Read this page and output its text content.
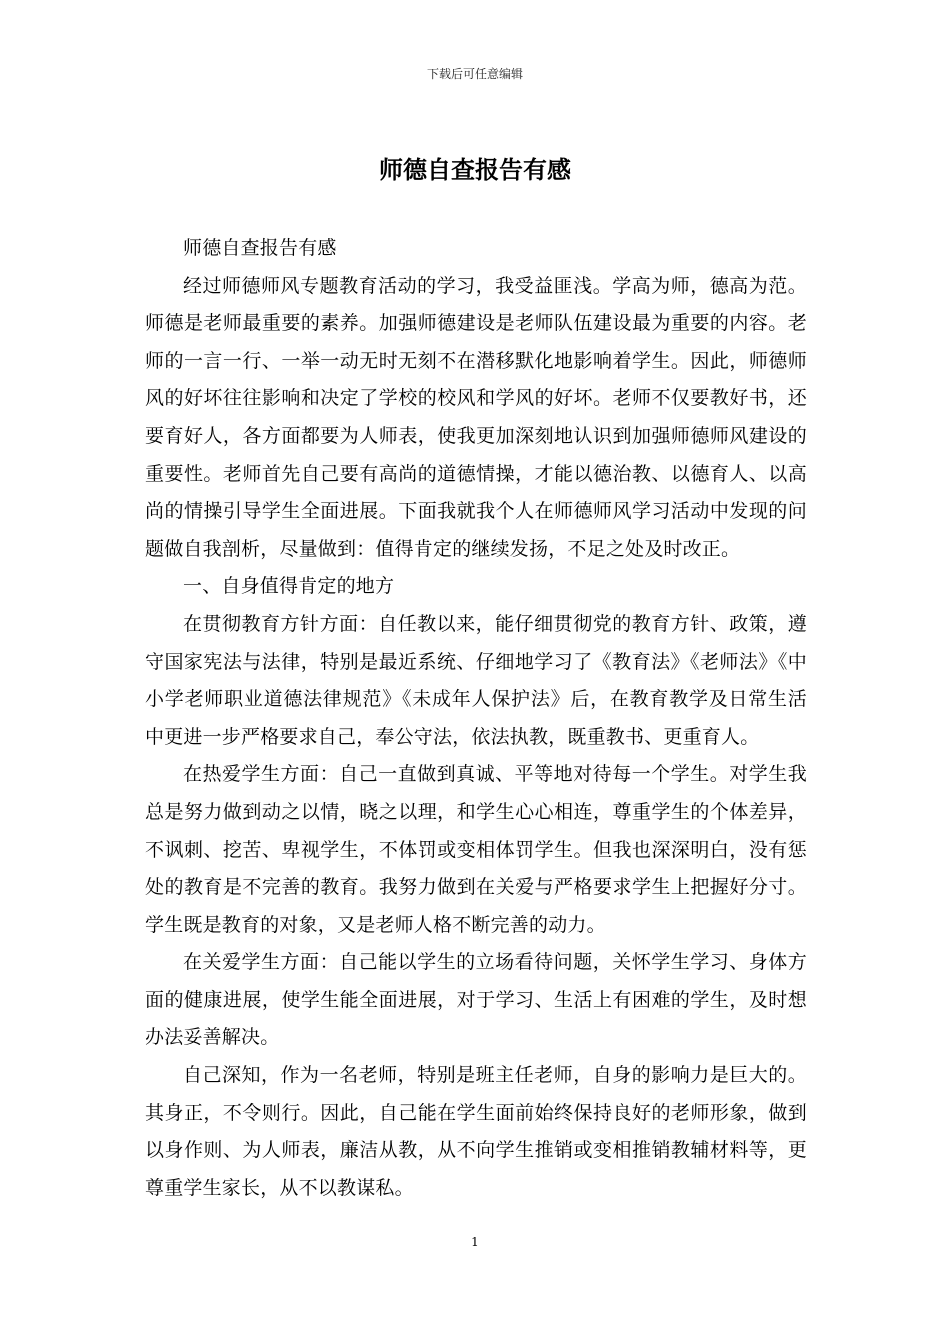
下载后可任意编辑
师德自查报告有感

师德自查报告有感

经过师德师风专题教育活动的学习，我受益匪浅。学高为师，德高为范。师德是老师最重要的素养。加强师德建设是老师队伍建设最为重要的内容。老师的一言一行、一举一动无时无刻不在潜移默化地影响着学生。因此，师德师风的好坏往往影响和决定了学校的校风和学风的好坏。老师不仅要教好书，还要育好人，各方面都要为人师表，使我更加深刻地认识到加强师德师风建设的重要性。老师首先自己要有高尚的道德情操，才能以德治教、以德育人、以高尚的情操引导学生全面进展。下面我就我个人在师德师风学习活动中发现的问题做自我剖析，尽量做到：值得肯定的继续发扬，不足之处及时改正。

一、自身值得肯定的地方

在贯彻教育方针方面：自任教以来，能仔细贯彻党的教育方针、政策，遵守国家宪法与法律，特别是最近系统、仔细地学习了《教育法》《老师法》《中小学老师职业道德法律规范》《未成年人保护法》后，在教育教学及日常生活中更进一步严格要求自己，奉公守法，依法执教，既重教书、更重育人。

在热爱学生方面：自己一直做到真诚、平等地对待每一个学生。对学生我总是努力做到动之以情，晓之以理，和学生心心相连，尊重学生的个体差异，不讽刺、挖苦、卑视学生，不体罚或变相体罚学生。但我也深深明白，没有惩处的教育是不完善的教育。我努力做到在关爱与严格要求学生上把握好分寸。学生既是教育的对象，又是老师人格不断完善的动力。

在关爱学生方面：自己能以学生的立场看待问题，关怀学生学习、身体方面的健康进展，使学生能全面进展，对于学习、生活上有困难的学生，及时想办法妥善解决。

自己深知，作为一名老师，特别是班主任老师，自身的影响力是巨大的。其身正，不令则行。因此，自己能在学生面前始终保持良好的老师形象，做到以身作则、为人师表，廉洁从教，从不向学生推销或变相推销教辅材料等，更尊重学生家长，从不以教谋私。

1
